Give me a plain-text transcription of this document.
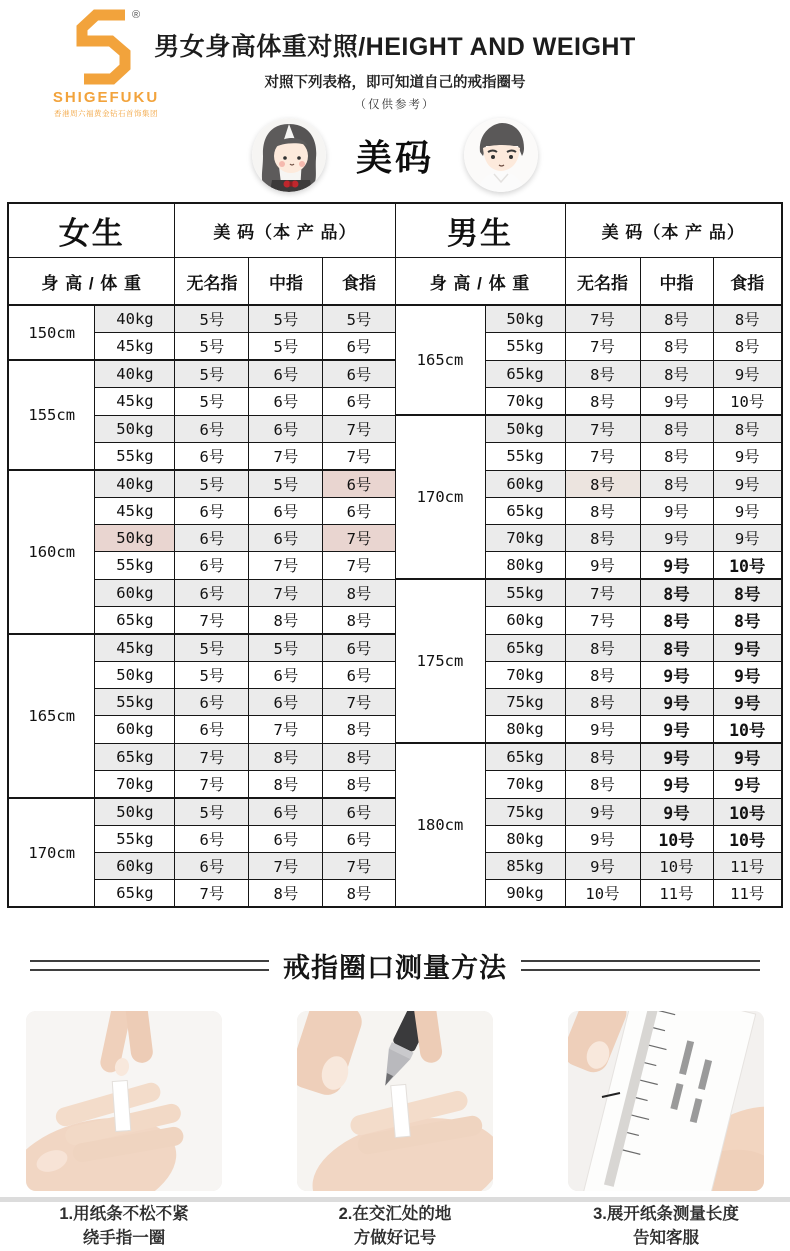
®
SHIGEFUKU
香港周六福黄金钻石首饰集团
男女身高体重对照/HEIGHT AND WEIGHT
对照下列表格，即可知道自己的戒指圈号
（仅供参考）
美码
女生		美 码（本 产 品）			男生		美 码（本 产 品）		
身 高 / 体 重		无名指	中指	食指	身 高 / 体 重		无名指	中指	食指
150cm	40kg	5号	5号	5号	165cm	50kg	7号	8号	8号
	45kg	5号	5号	6号		55kg	7号	8号	8号
155cm	40kg	5号	6号	6号		65kg	8号	8号	9号
	45kg	5号	6号	6号		70kg	8号	9号	10号
	50kg	6号	6号	7号	170cm	50kg	7号	8号	8号
	55kg	6号	7号	7号		55kg	7号	8号	9号
160cm	40kg	5号	5号	6号		60kg	8号	8号	9号
	45kg	6号	6号	6号		65kg	8号	9号	9号
	50kg	6号	6号	7号		70kg	8号	9号	9号
	55kg	6号	7号	7号		80kg	9号	9号	10号
	60kg	6号	7号	8号	175cm	55kg	7号	8号	8号
	65kg	7号	8号	8号		60kg	7号	8号	8号
165cm	45kg	5号	5号	6号		65kg	8号	8号	9号
	50kg	5号	6号	6号		70kg	8号	9号	9号
	55kg	6号	6号	7号		75kg	8号	9号	9号
	60kg	6号	7号	8号		80kg	9号	9号	10号
	65kg	7号	8号	8号	180cm	65kg	8号	9号	9号
	70kg	7号	8号	8号		70kg	8号	9号	9号
170cm	50kg	5号	6号	6号		75kg	9号	9号	10号
	55kg	6号	6号	6号		80kg	9号	10号	10号
	60kg	6号	7号	7号		85kg	9号	10号	11号
	65kg	7号	8号	8号		90kg	10号	11号	11号
戒指圈口测量方法
1.用纸条不松不紧
绕手指一圈
2.在交汇处的地
方做好记号
3.展开纸条测量长度
告知客服
